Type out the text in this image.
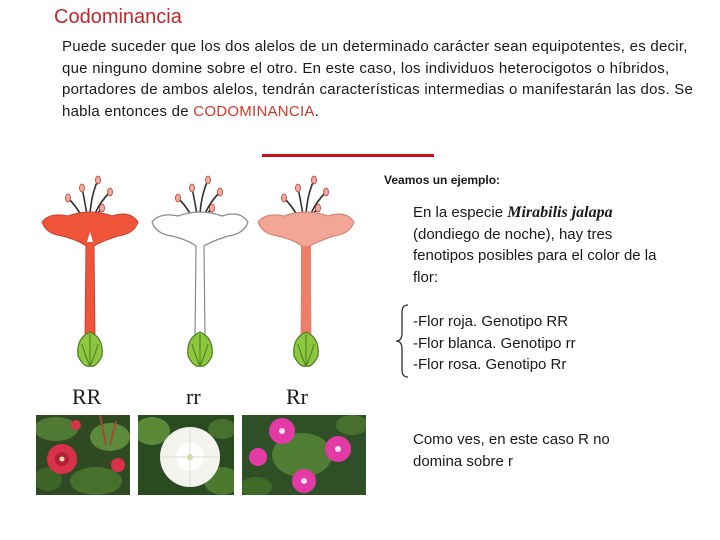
Codominancia
Puede suceder que los dos alelos de un determinado carácter sean equipotentes, es decir, que ninguno domine sobre el otro. En este caso, los individuos heterocigotos o híbridos, portadores de ambos alelos, tendrán características intermedias o manifestarán las dos. Se habla entonces de CODOMINANCIA.
Veamos un ejemplo:
En la especie Mirabilis jalapa (dondiego de noche), hay tres fenotipos posibles para el color de la flor:
-Flor roja. Genotipo RR
-Flor blanca. Genotipo rr
-Flor rosa. Genotipo Rr
RR	rr	Rr
Como ves, en este caso R no domina sobre r
